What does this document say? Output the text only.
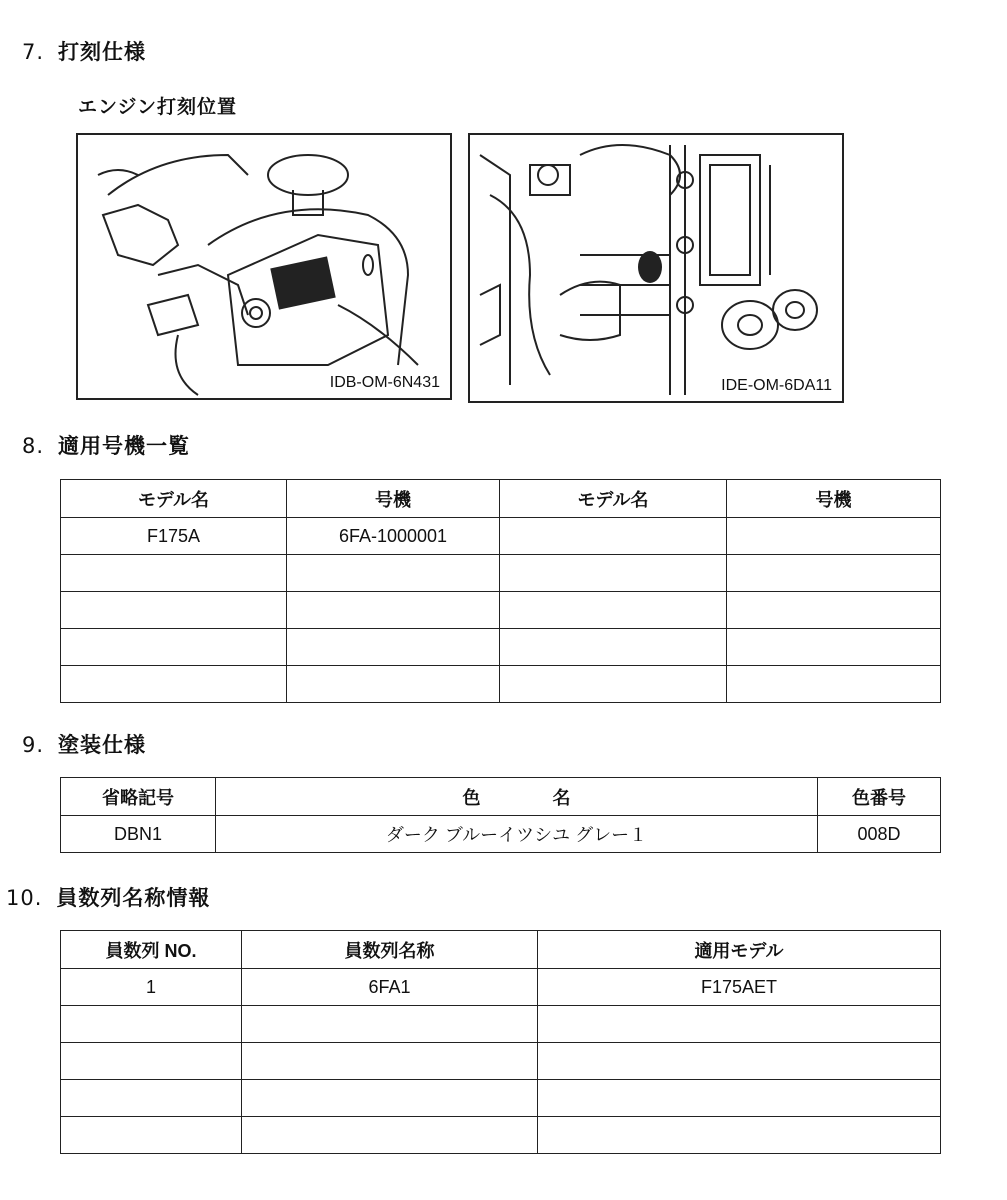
7. 打刻仕様
エンジン打刻位置
IDB-OM-6N431	IDE-OM-6DA11
8. 適用号機一覧
モデル名	号機	モデル名	号機
F175A	6FA-1000001		

9. 塗装仕様
省略記号	色　　　　名	色番号
DBN1	ダーク ブルーイツシユ グレー１	008D
10. 員数列名称情報
員数列 NO.	員数列名称	適用モデル
1	6FA1	F175AET
